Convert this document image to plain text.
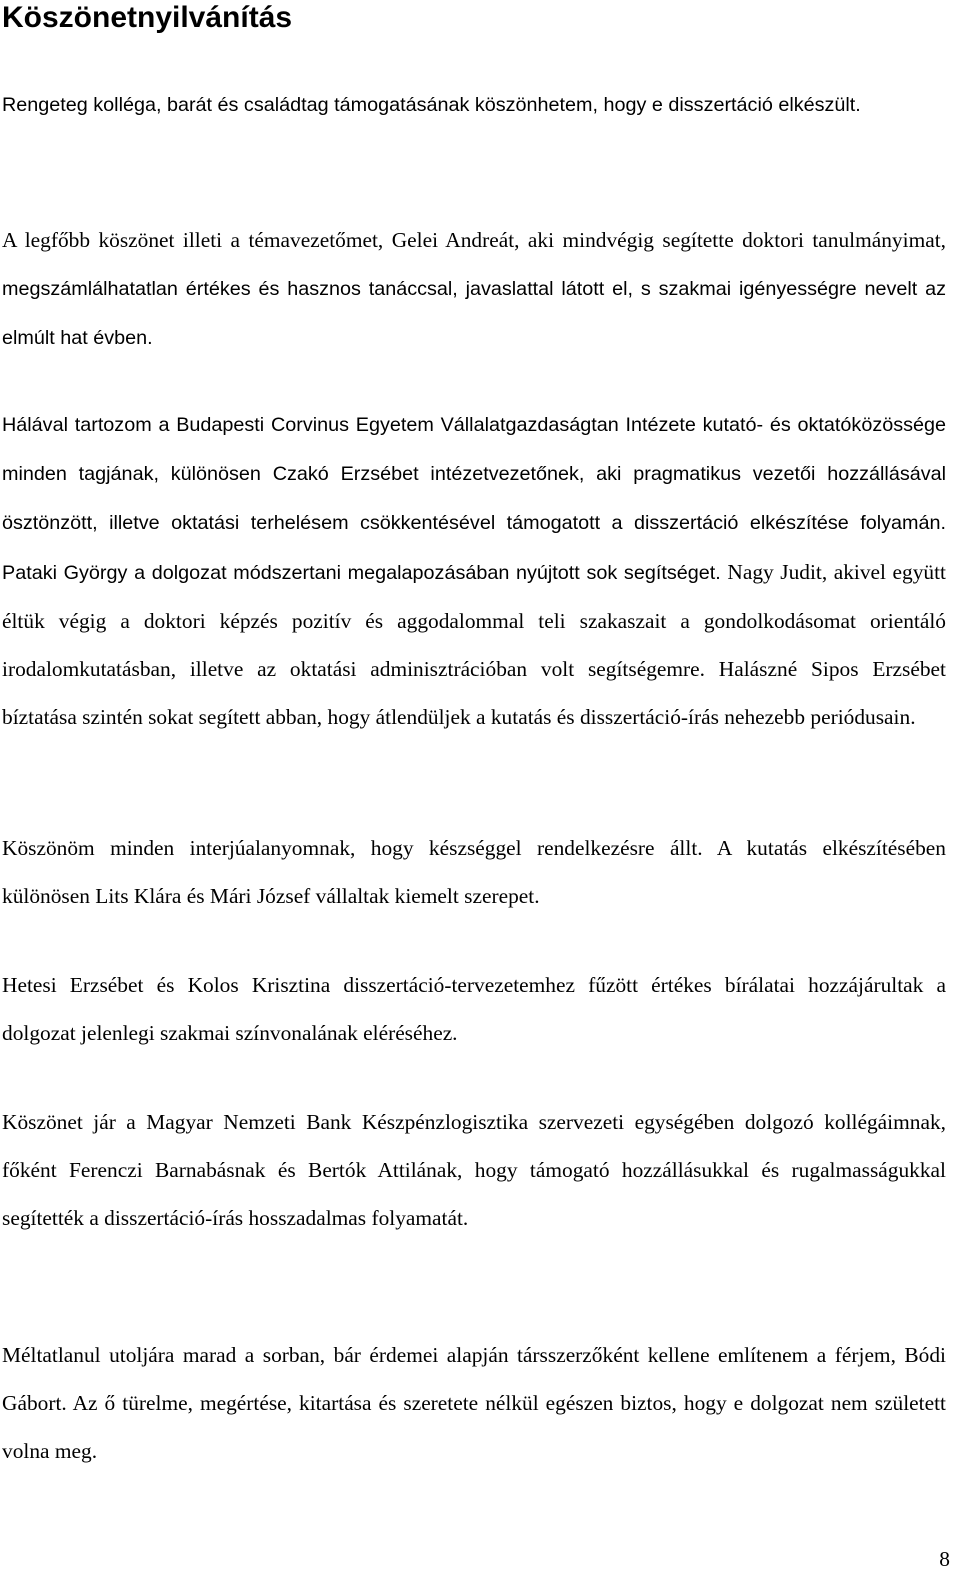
Köszönetnyilvánítás

Rengeteg kolléga, barát és családtag támogatásának köszönhetem, hogy e disszertáció elkészült.

A legfőbb köszönet illeti a témavezetőmet, Gelei Andreát, aki mindvégig segítette doktori tanulmányimat, megszámlálhatatlan értékes és hasznos tanáccsal, javaslattal látott el, s szakmai igényességre nevelt az elmúlt hat évben.

Hálával tartozom a Budapesti Corvinus Egyetem Vállalatgazdaságtan Intézete kutató- és oktatóközössége minden tagjának, különösen Czakó Erzsébet intézetvezetőnek, aki pragmatikus vezetői hozzállásával ösztönzött, illetve oktatási terhelésem csökkentésével támogatott a disszertáció elkészítése folyamán. Pataki György a dolgozat módszertani megalapozásában nyújtott sok segítséget. Nagy Judit, akivel együtt éltük végig a doktori képzés pozitív és aggodalommal teli szakaszait a gondolkodásomat orientáló irodalomkutatásban, illetve az oktatási adminisztrációban volt segítségemre. Halászné Sipos Erzsébet bíztatása szintén sokat segített abban, hogy átlendüljek a kutatás és disszertáció-írás nehezebb periódusain.

Köszönöm minden interjúalanyomnak, hogy készséggel rendelkezésre állt. A kutatás elkészítésében különösen Lits Klára és Mári József vállaltak kiemelt szerepet.

Hetesi Erzsébet és Kolos Krisztina disszertáció-tervezetemhez fűzött értékes bírálatai hozzájárultak a dolgozat jelenlegi szakmai színvonalának eléréséhez.

Köszönet jár a Magyar Nemzeti Bank Készpénzlogisztika szervezeti egységében dolgozó kollégáimnak, főként Ferenczi Barnabásnak és Bertók Attilának, hogy támogató hozzállásukkal és rugalmasságukkal segítették a disszertáció-írás hosszadalmas folyamatát.

Méltatlanul utoljára marad a sorban, bár érdemei alapján társszerzőként kellene említenem a férjem, Bódi Gábort. Az ő türelme, megértése, kitartása és szeretete nélkül egészen biztos, hogy e dolgozat nem született volna meg.

8
